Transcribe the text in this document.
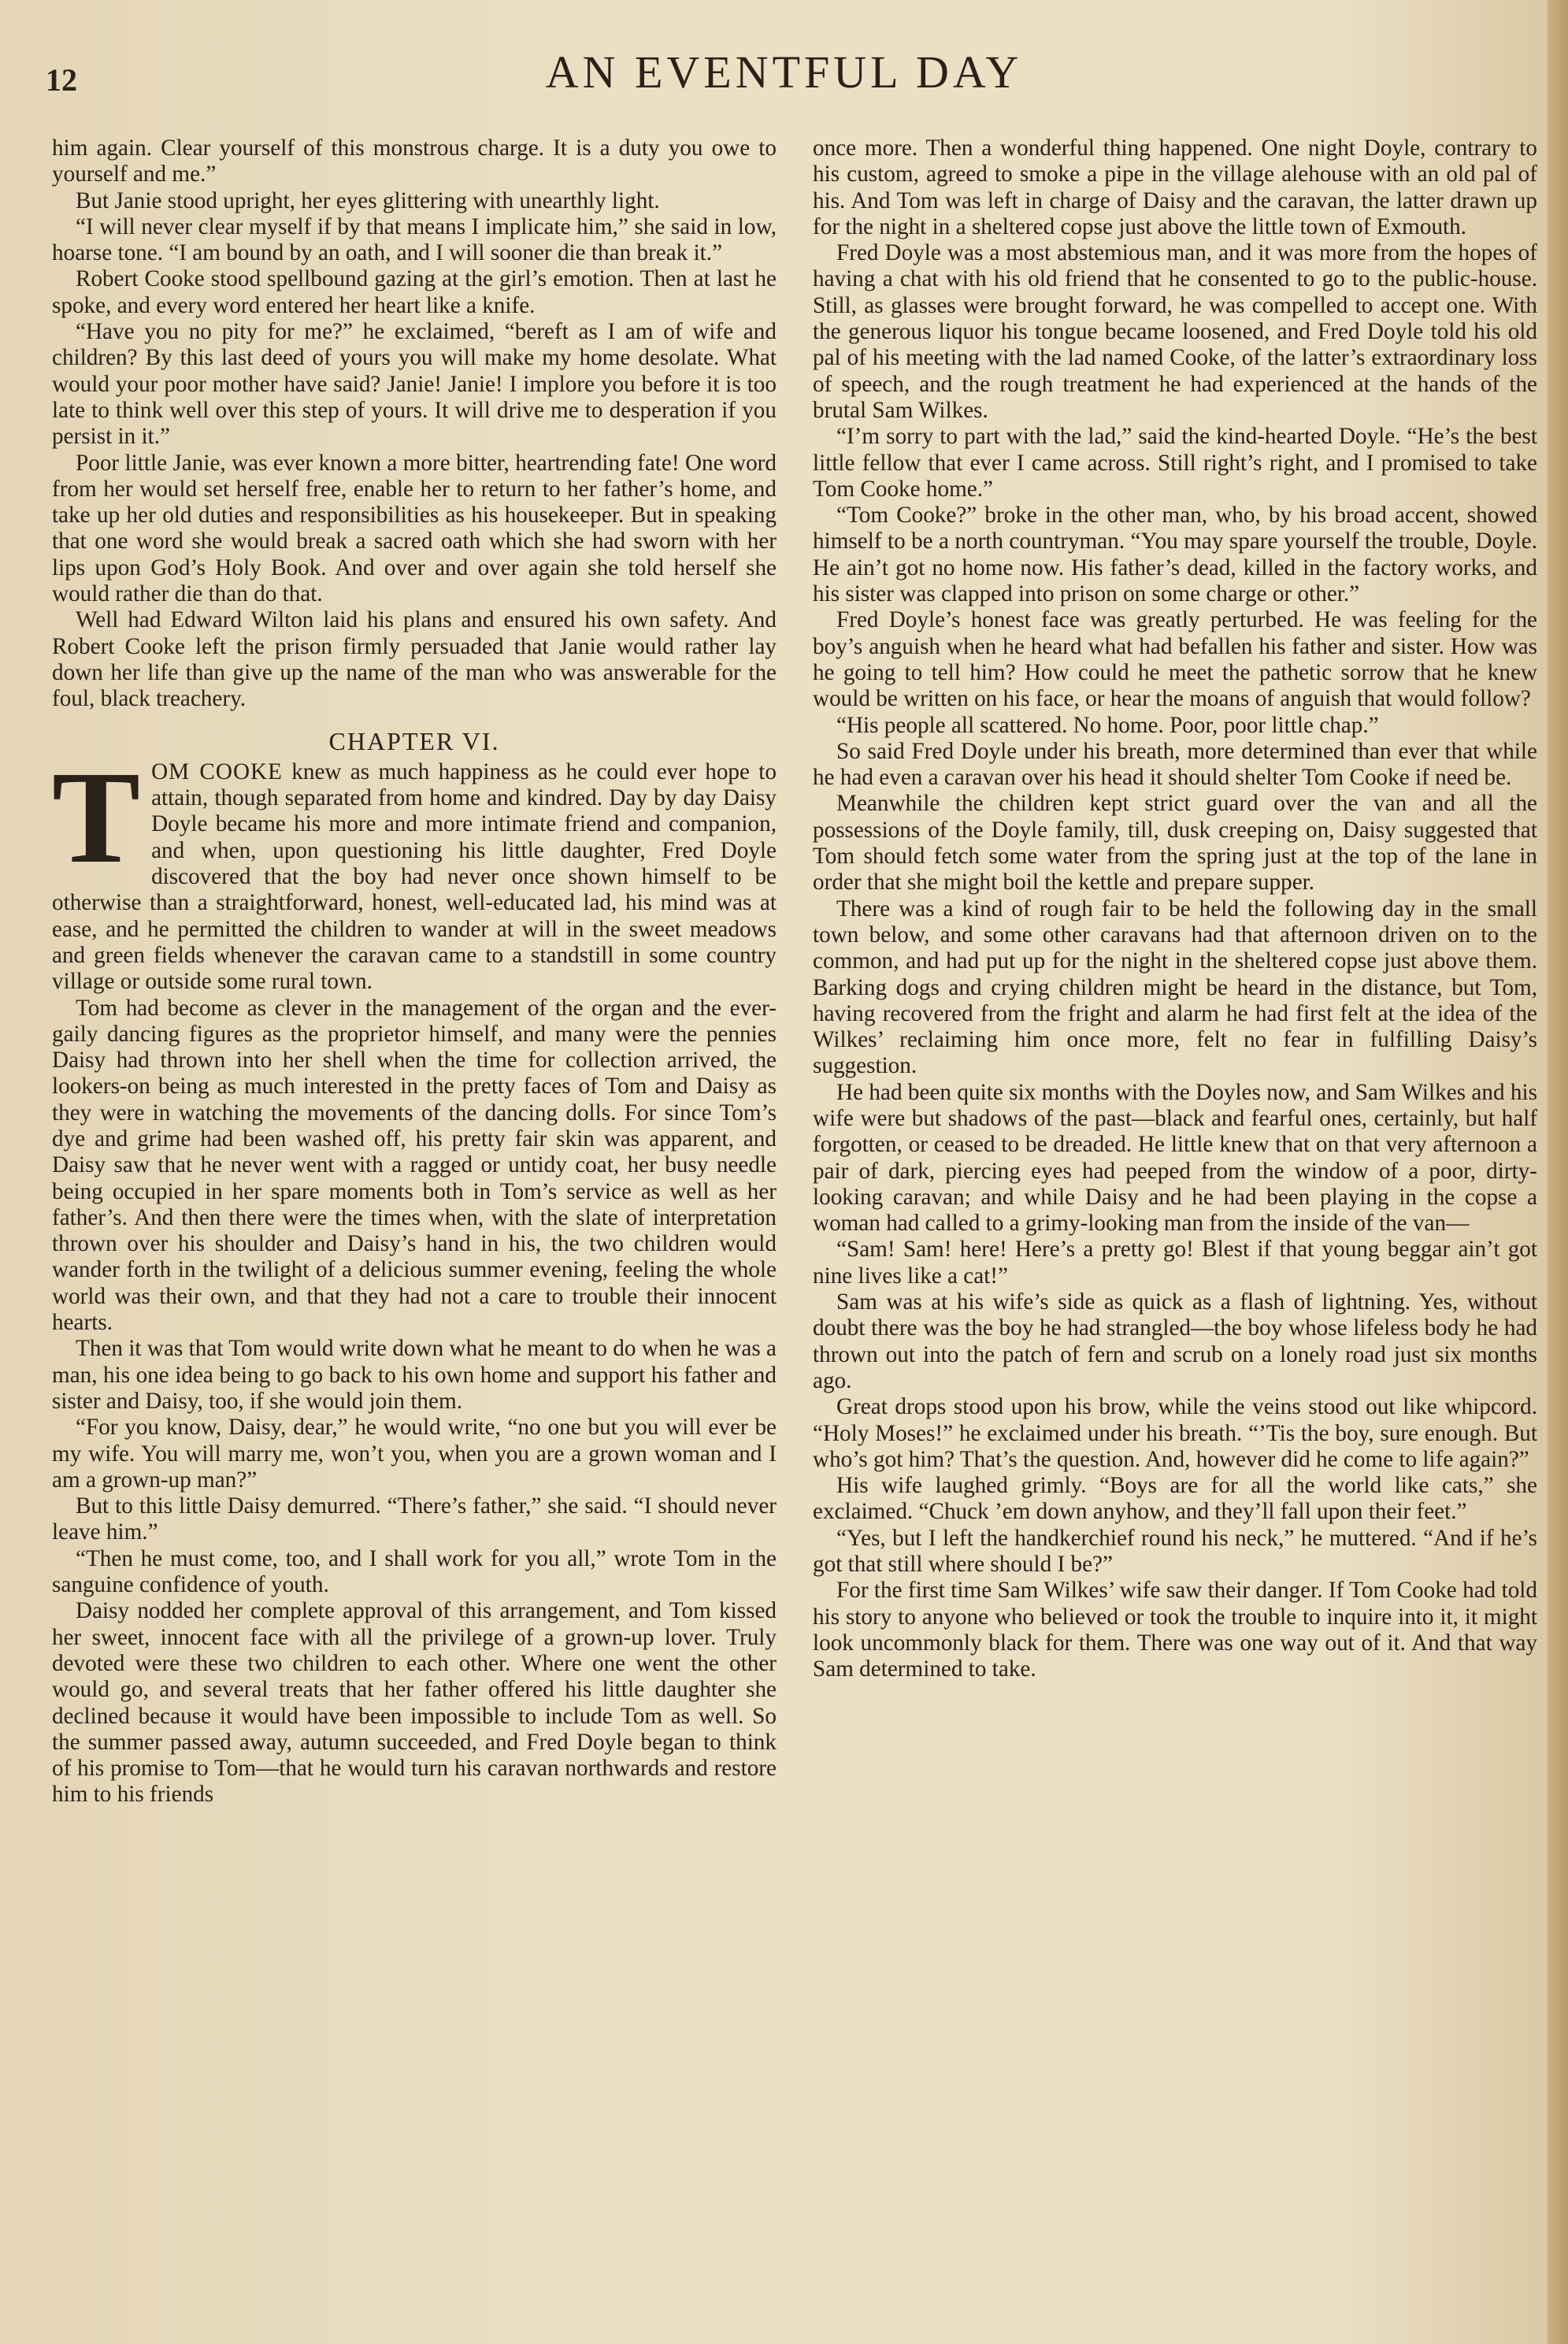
12	AN EVENTFUL DAY

him again. Clear yourself of this monstrous charge. It is a duty you owe to yourself and me.”

But Janie stood upright, her eyes glittering with unearthly light.

“I will never clear myself if by that means I implicate him,” she said in low, hoarse tone. “I am bound by an oath, and I will sooner die than break it.”

Robert Cooke stood spellbound gazing at the girl’s emotion. Then at last he spoke, and every word entered her heart like a knife.

“Have you no pity for me?” he exclaimed, “bereft as I am of wife and children? By this last deed of yours you will make my home desolate. What would your poor mother have said? Janie! Janie! I implore you before it is too late to think well over this step of yours. It will drive me to desperation if you persist in it.”

Poor little Janie, was ever known a more bitter, heartrending fate! One word from her would set herself free, enable her to return to her father’s home, and take up her old duties and responsibilities as his housekeeper. But in speaking that one word she would break a sacred oath which she had sworn with her lips upon God’s Holy Book. And over and over again she told herself she would rather die than do that.

Well had Edward Wilton laid his plans and ensured his own safety. And Robert Cooke left the prison firmly persuaded that Janie would rather lay down her life than give up the name of the man who was answerable for the foul, black treachery.

CHAPTER VI.

TOM COOKE knew as much happiness as he could ever hope to attain, though separated from home and kindred. Day by day Daisy Doyle became his more and more intimate friend and companion, and when, upon questioning his little daughter, Fred Doyle discovered that the boy had never once shown himself to be otherwise than a straightforward, honest, well-educated lad, his mind was at ease, and he permitted the children to wander at will in the sweet meadows and green fields whenever the caravan came to a standstill in some country village or outside some rural town.

Tom had become as clever in the management of the organ and the ever-gaily dancing figures as the proprietor himself, and many were the pennies Daisy had thrown into her shell when the time for collection arrived, the lookers-on being as much interested in the pretty faces of Tom and Daisy as they were in watching the movements of the dancing dolls. For since Tom’s dye and grime had been washed off, his pretty fair skin was apparent, and Daisy saw that he never went with a ragged or untidy coat, her busy needle being occupied in her spare moments both in Tom’s service as well as her father’s. And then there were the times when, with the slate of interpretation thrown over his shoulder and Daisy’s hand in his, the two children would wander forth in the twilight of a delicious summer evening, feeling the whole world was their own, and that they had not a care to trouble their innocent hearts.

Then it was that Tom would write down what he meant to do when he was a man, his one idea being to go back to his own home and support his father and sister and Daisy, too, if she would join them.

“For you know, Daisy, dear,” he would write, “no one but you will ever be my wife. You will marry me, won’t you, when you are a grown woman and I am a grown-up man?”

But to this little Daisy demurred. “There’s father,” she said. “I should never leave him.”

“Then he must come, too, and I shall work for you all,” wrote Tom in the sanguine confidence of youth.

Daisy nodded her complete approval of this arrangement, and Tom kissed her sweet, innocent face with all the privilege of a grown-up lover. Truly devoted were these two children to each other. Where one went the other would go, and several treats that her father offered his little daughter she declined because it would have been impossible to include Tom as well. So the summer passed away, autumn succeeded, and Fred Doyle began to think of his promise to Tom—that he would turn his caravan northwards and restore him to his friends

once more. Then a wonderful thing happened. One night Doyle, contrary to his custom, agreed to smoke a pipe in the village alehouse with an old pal of his. And Tom was left in charge of Daisy and the caravan, the latter drawn up for the night in a sheltered copse just above the little town of Exmouth.

Fred Doyle was a most abstemious man, and it was more from the hopes of having a chat with his old friend that he consented to go to the public-house. Still, as glasses were brought forward, he was compelled to accept one. With the generous liquor his tongue became loosened, and Fred Doyle told his old pal of his meeting with the lad named Cooke, of the latter’s extraordinary loss of speech, and the rough treatment he had experienced at the hands of the brutal Sam Wilkes.

“I’m sorry to part with the lad,” said the kind-hearted Doyle. “He’s the best little fellow that ever I came across. Still right’s right, and I promised to take Tom Cooke home.”

“Tom Cooke?” broke in the other man, who, by his broad accent, showed himself to be a north countryman. “You may spare yourself the trouble, Doyle. He ain’t got no home now. His father’s dead, killed in the factory works, and his sister was clapped into prison on some charge or other.”

Fred Doyle’s honest face was greatly perturbed. He was feeling for the boy’s anguish when he heard what had befallen his father and sister. How was he going to tell him? How could he meet the pathetic sorrow that he knew would be written on his face, or hear the moans of anguish that would follow?

“His people all scattered. No home. Poor, poor little chap.”

So said Fred Doyle under his breath, more determined than ever that while he had even a caravan over his head it should shelter Tom Cooke if need be.

Meanwhile the children kept strict guard over the van and all the possessions of the Doyle family, till, dusk creeping on, Daisy suggested that Tom should fetch some water from the spring just at the top of the lane in order that she might boil the kettle and prepare supper.

There was a kind of rough fair to be held the following day in the small town below, and some other caravans had that afternoon driven on to the common, and had put up for the night in the sheltered copse just above them. Barking dogs and crying children might be heard in the distance, but Tom, having recovered from the fright and alarm he had first felt at the idea of the Wilkes’ reclaiming him once more, felt no fear in fulfilling Daisy’s suggestion.

He had been quite six months with the Doyles now, and Sam Wilkes and his wife were but shadows of the past—black and fearful ones, certainly, but half forgotten, or ceased to be dreaded. He little knew that on that very afternoon a pair of dark, piercing eyes had peeped from the window of a poor, dirty-looking caravan; and while Daisy and he had been playing in the copse a woman had called to a grimy-looking man from the inside of the van—

“Sam! Sam! here! Here’s a pretty go! Blest if that young beggar ain’t got nine lives like a cat!”

Sam was at his wife’s side as quick as a flash of lightning. Yes, without doubt there was the boy he had strangled—the boy whose lifeless body he had thrown out into the patch of fern and scrub on a lonely road just six months ago.

Great drops stood upon his brow, while the veins stood out like whipcord. “Holy Moses!” he exclaimed under his breath. “’Tis the boy, sure enough. But who’s got him? That’s the question. And, however did he come to life again?”

His wife laughed grimly. “Boys are for all the world like cats,” she exclaimed. “Chuck ’em down anyhow, and they’ll fall upon their feet.”

“Yes, but I left the handkerchief round his neck,” he muttered. “And if he’s got that still where should I be?”

For the first time Sam Wilkes’ wife saw their danger. If Tom Cooke had told his story to anyone who believed or took the trouble to inquire into it, it might look uncommonly black for them. There was one way out of it. And that way Sam determined to take.
